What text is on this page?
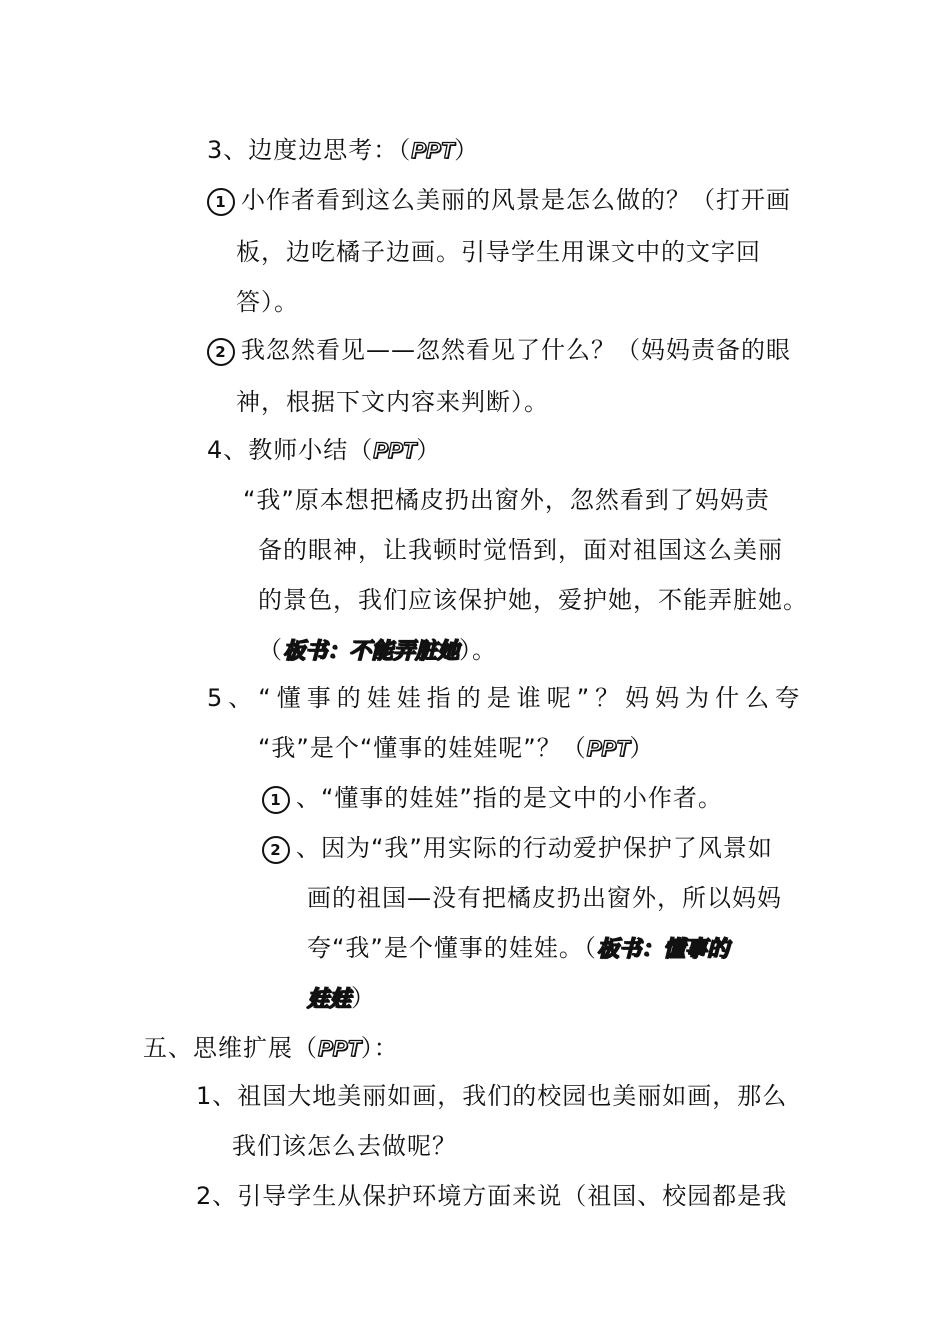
3、边度边思考：（PPT）
1 小作者看到这么美丽的风景是怎么做的？（打开画
板，边吃橘子边画。引导学生用课文中的文字回
答）。
2 我忽然看见——忽然看见了什么？（妈妈责备的眼
神，根据下文内容来判断）。
4、教师小结（PPT）
“我”原本想把橘皮扔出窗外，忽然看到了妈妈责
备的眼神，让我顿时觉悟到，面对祖国这么美丽
的景色，我们应该保护她，爱护她，不能弄脏她。
（板书：不能弄脏她）。
5、“懂事的娃娃指的是谁呢”？妈妈为什么夸
“我”是个“懂事的娃娃呢”？（PPT）
1 、“懂事的娃娃”指的是文中的小作者。
2 、因为“我”用实际的行动爱护保护了风景如
画的祖国—没有把橘皮扔出窗外，所以妈妈
夸“我”是个懂事的娃娃。（板书：懂事的
娃娃）
五、思维扩展（PPT）：
1、祖国大地美丽如画，我们的校园也美丽如画，那么
我们该怎么去做呢？
2、引导学生从保护环境方面来说（祖国、校园都是我
